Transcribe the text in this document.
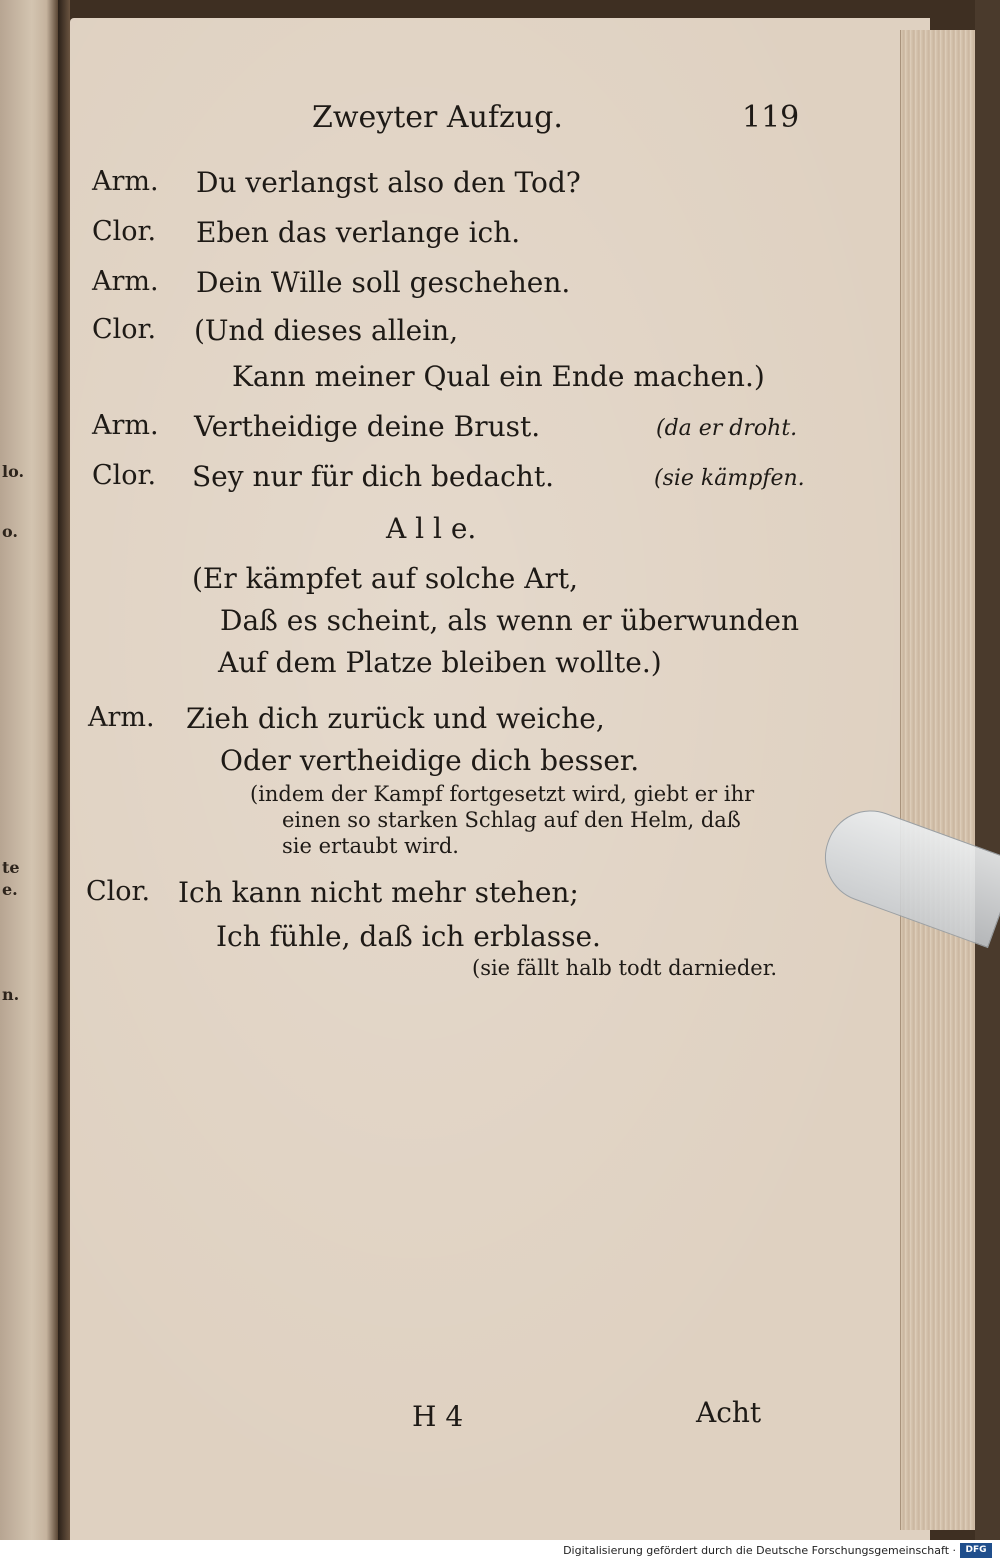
lo.
o.
te
e.
n.
Zweyter Aufzug.	119
Arm. Du verlangst also den Tod?
Clor. Eben das verlange ich.
Arm. Dein Wille soll geschehen.
Clor. (Und dieses allein,
Kann meiner Qual ein Ende machen.)
Arm. Vertheidige deine Brust.	(da er droht.
Clor. Sey nur für dich bedacht.	(sie kämpfen.
A l l e.
(Er kämpfet auf solche Art,
Daß es scheint, als wenn er überwunden
Auf dem Platze bleiben wollte.)
Arm. Zieh dich zurück und weiche,
Oder vertheidige dich besser.
(indem der Kampf fortgesetzt wird, giebt er ihr
einen so starken Schlag auf den Helm, daß
sie ertaubt wird.
Clor. Ich kann nicht mehr stehen;
Ich fühle, daß ich erblasse.
(sie fällt halb todt darnieder.
H 4	Acht
Digitalisierung gefördert durch die Deutsche Forschungsgemeinschaft ·	DFG
